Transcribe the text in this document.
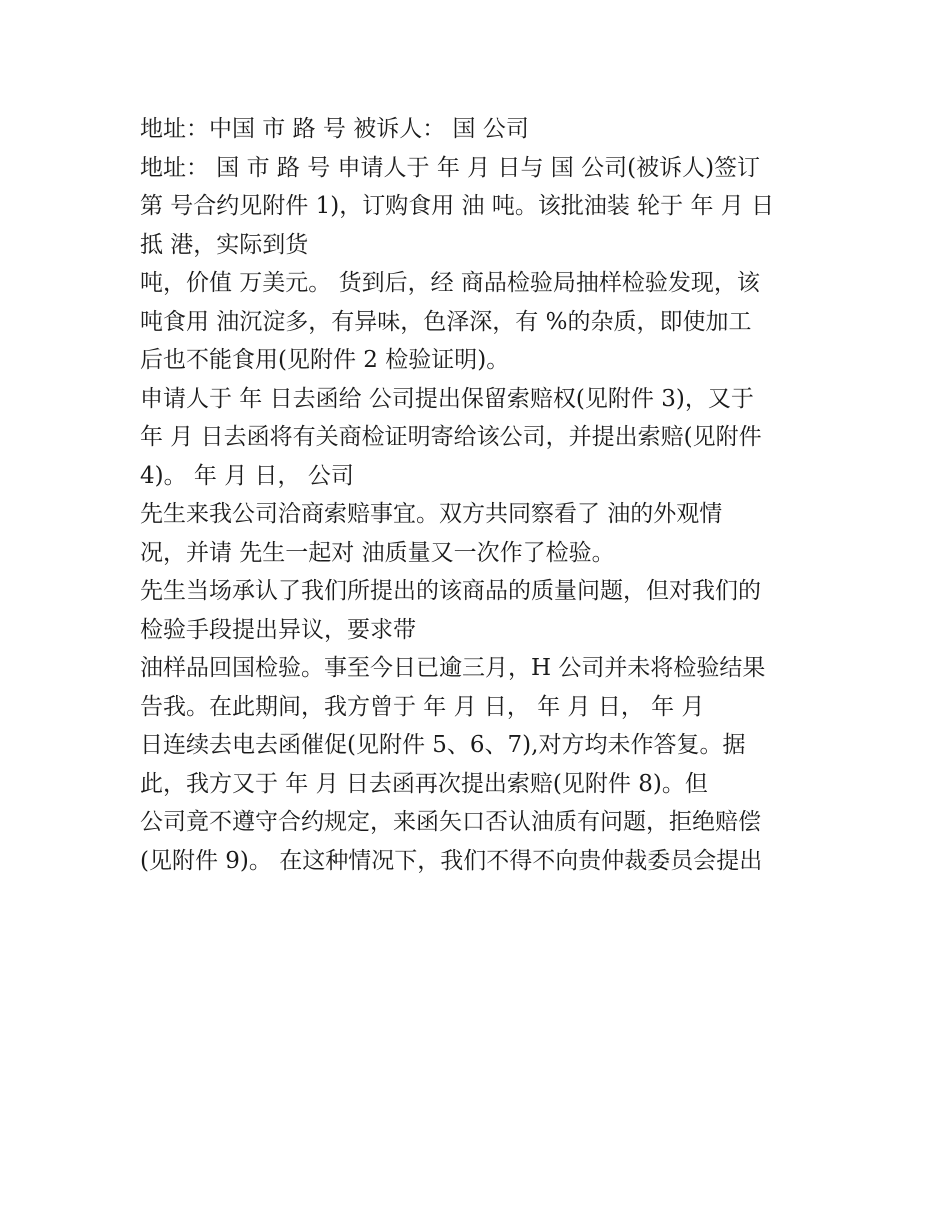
地址：中国 市 路 号 被诉人： 国 公司
地址： 国 市 路 号 申请人于 年 月 日与 国 公司(被诉人)签订
第 号合约见附件 1)，订购食用 油 吨。该批油装 轮于 年 月 日
抵 港，实际到货
吨，价值 万美元。 货到后，经 商品检验局抽样检验发现，该
吨食用 油沉淀多，有异味，色泽深，有 %的杂质，即使加工
后也不能食用(见附件 2 检验证明)。
申请人于 年 日去函给 公司提出保留索赔权(见附件 3)，又于
年 月 日去函将有关商检证明寄给该公司，并提出索赔(见附件
4)。 年 月 日， 公司
先生来我公司洽商索赔事宜。双方共同察看了 油的外观情
况，并请 先生一起对 油质量又一次作了检验。
先生当场承认了我们所提出的该商品的质量问题，但对我们的
检验手段提出异议，要求带
油样品回国检验。事至今日已逾三月，H 公司并未将检验结果
告我。在此期间，我方曾于 年 月 日， 年 月 日， 年 月
日连续去电去函催促(见附件 5、6、7),对方均未作答复。据
此，我方又于 年 月 日去函再次提出索赔(见附件 8)。但
公司竟不遵守合约规定，来函矢口否认油质有问题，拒绝赔偿
(见附件 9)。 在这种情况下，我们不得不向贵仲裁委员会提出
